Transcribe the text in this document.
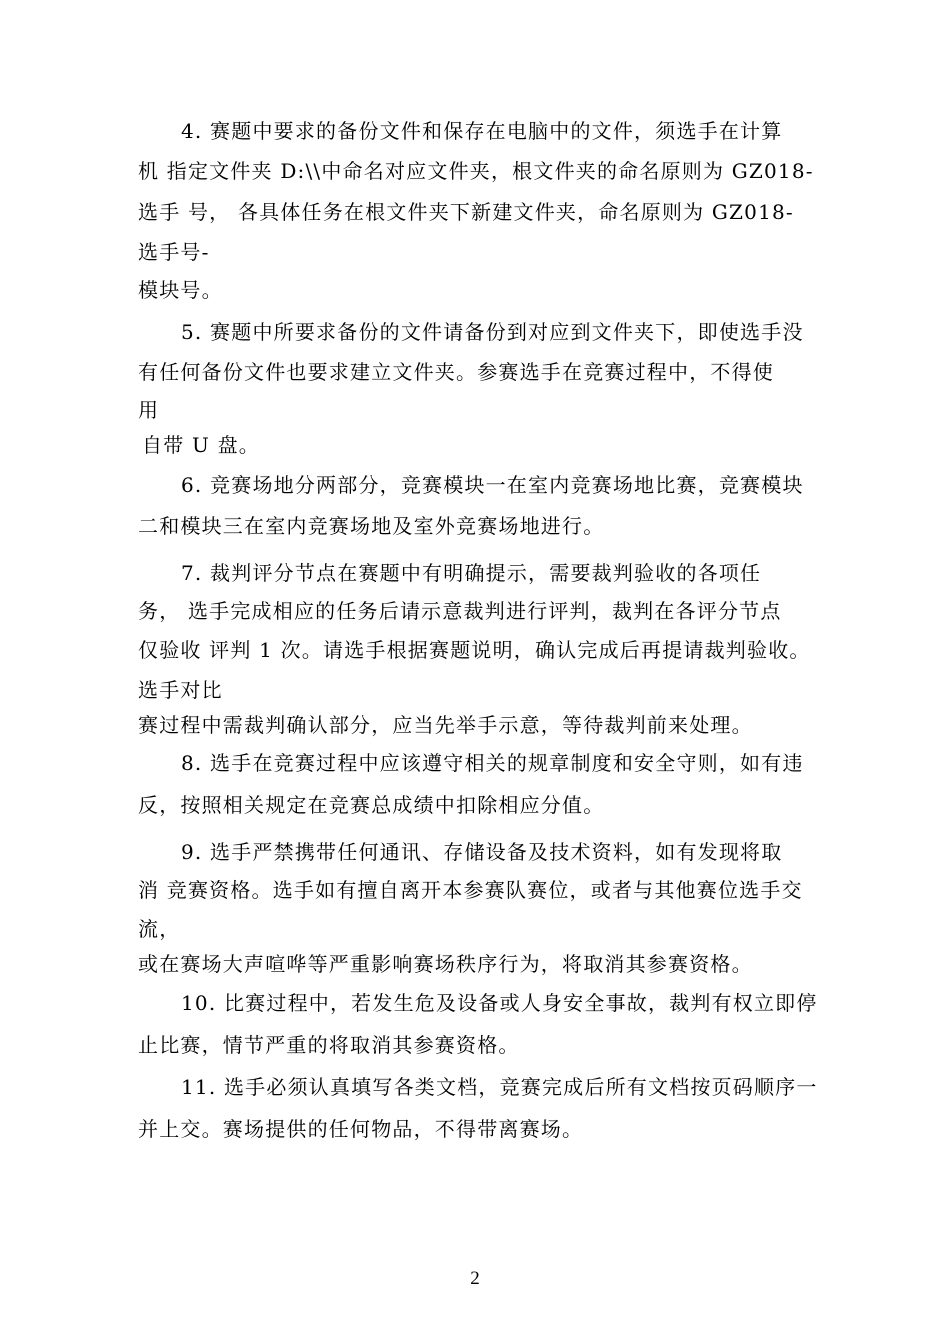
4. 赛题中要求的备份文件和保存在电脑中的文件，须选手在计算
机 指定文件夹 D:\\中命名对应文件夹，根文件夹的命名原则为 GZ018-
选手 号， 各具体任务在根文件夹下新建文件夹，命名原则为 GZ018-
选手号-
模块号。
5. 赛题中所要求备份的文件请备份到对应到文件夹下，即使选手没
有任何备份文件也要求建立文件夹。参赛选手在竞赛过程中，不得使
用
自带 U 盘。
6. 竞赛场地分两部分，竞赛模块一在室内竞赛场地比赛，竞赛模块
二和模块三在室内竞赛场地及室外竞赛场地进行。
7. 裁判评分节点在赛题中有明确提示，需要裁判验收的各项任
务， 选手完成相应的任务后请示意裁判进行评判，裁判在各评分节点
仅验收 评判 1 次。请选手根据赛题说明，确认完成后再提请裁判验收。
选手对比
赛过程中需裁判确认部分，应当先举手示意，等待裁判前来处理。
8. 选手在竞赛过程中应该遵守相关的规章制度和安全守则，如有违
反，按照相关规定在竞赛总成绩中扣除相应分值。
9. 选手严禁携带任何通讯、存储设备及技术资料，如有发现将取
消 竞赛资格。选手如有擅自离开本参赛队赛位，或者与其他赛位选手交
流，
或在赛场大声喧哗等严重影响赛场秩序行为，将取消其参赛资格。
10. 比赛过程中，若发生危及设备或人身安全事故，裁判有权立即停
止比赛，情节严重的将取消其参赛资格。
11. 选手必须认真填写各类文档，竞赛完成后所有文档按页码顺序一
并上交。赛场提供的任何物品，不得带离赛场。
2
